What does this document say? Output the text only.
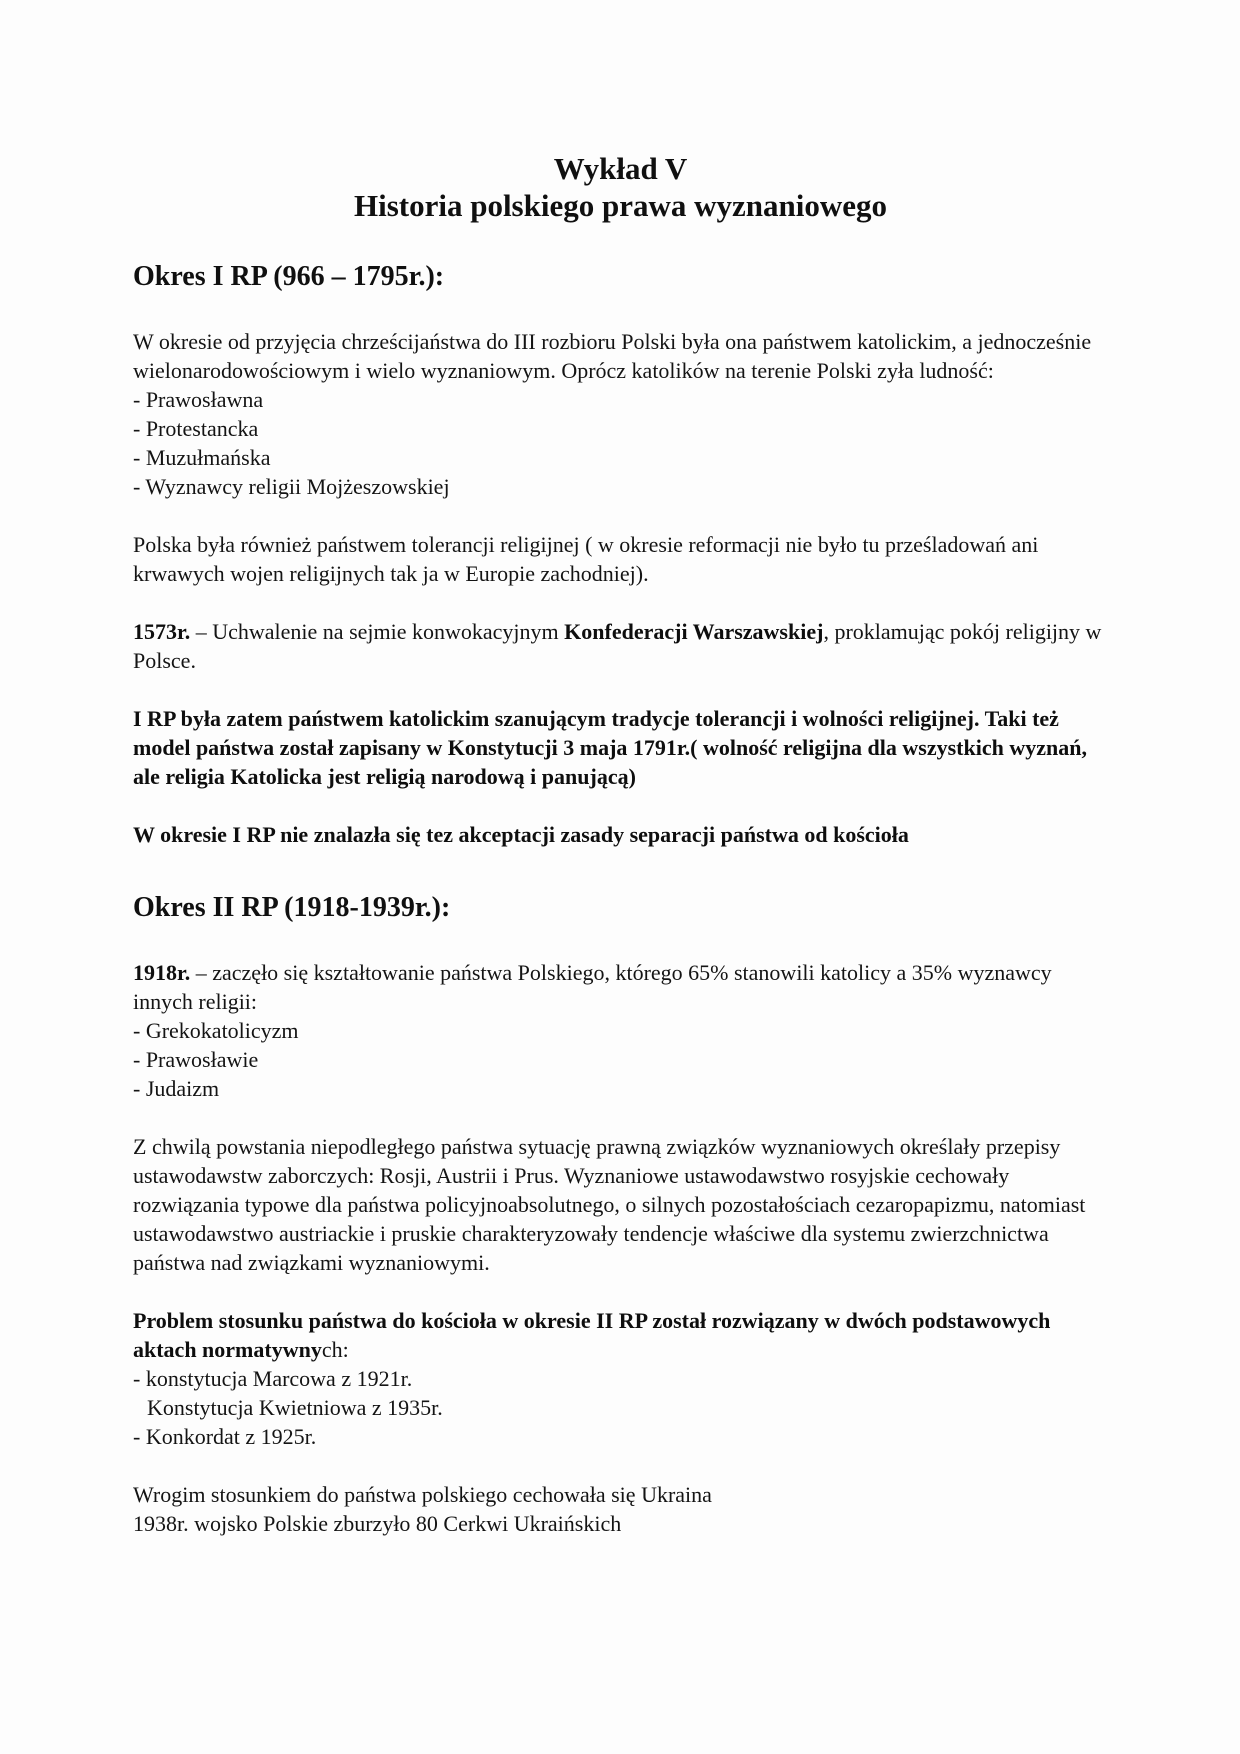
Wykład V
Historia polskiego prawa wyznaniowego
Okres I RP (966 – 1795r.):

W okresie od przyjęcia chrześcijaństwa do III rozbioru Polski była ona państwem katolickim, a jednocześnie wielonarodowościowym i wielo wyznaniowym. Oprócz katolików na terenie Polski zyła ludność:

- Prawosławna
- Protestancka
- Muzułmańska
- Wyznawcy religii Mojżeszowskiej

Polska była również państwem tolerancji religijnej ( w okresie reformacji nie było tu prześladowań ani krwawych wojen religijnych tak ja w Europie zachodniej).

1573r. – Uchwalenie na sejmie konwokacyjnym Konfederacji Warszawskiej, proklamując pokój religijny w Polsce.

I RP była zatem państwem katolickim szanującym tradycje tolerancji i wolności religijnej. Taki też model państwa został zapisany w Konstytucji 3 maja 1791r.( wolność religijna dla wszystkich wyznań, ale religia Katolicka jest religią narodową i panującą)

W okresie I RP nie znalazła się tez akceptacji zasady separacji państwa od kościoła

Okres II RP (1918-1939r.):

1918r. – zaczęło się kształtowanie państwa Polskiego, którego 65% stanowili katolicy a 35% wyznawcy innych religii:

- Grekokatolicyzm
- Prawosławie
- Judaizm

Z chwilą powstania niepodległego państwa sytuację prawną związków wyznaniowych określały przepisy ustawodawstw zaborczych: Rosji, Austrii i Prus. Wyznaniowe ustawodawstwo rosyjskie cechowały rozwiązania typowe dla państwa policyjnoabsolutnego, o silnych pozostałościach cezaropapizmu, natomiast ustawodawstwo austriackie i pruskie charakteryzowały tendencje właściwe dla systemu zwierzchnictwa państwa nad związkami wyznaniowymi.

Problem stosunku państwa do kościoła w okresie II RP został rozwiązany w dwóch podstawowych aktach normatywnych:

- konstytucja Marcowa z 1921r.
Konstytucja Kwietniowa z 1935r.
- Konkordat z 1925r.

Wrogim stosunkiem do państwa polskiego cechowała się Ukraina
1938r. wojsko Polskie zburzyło 80 Cerkwi Ukraińskich
